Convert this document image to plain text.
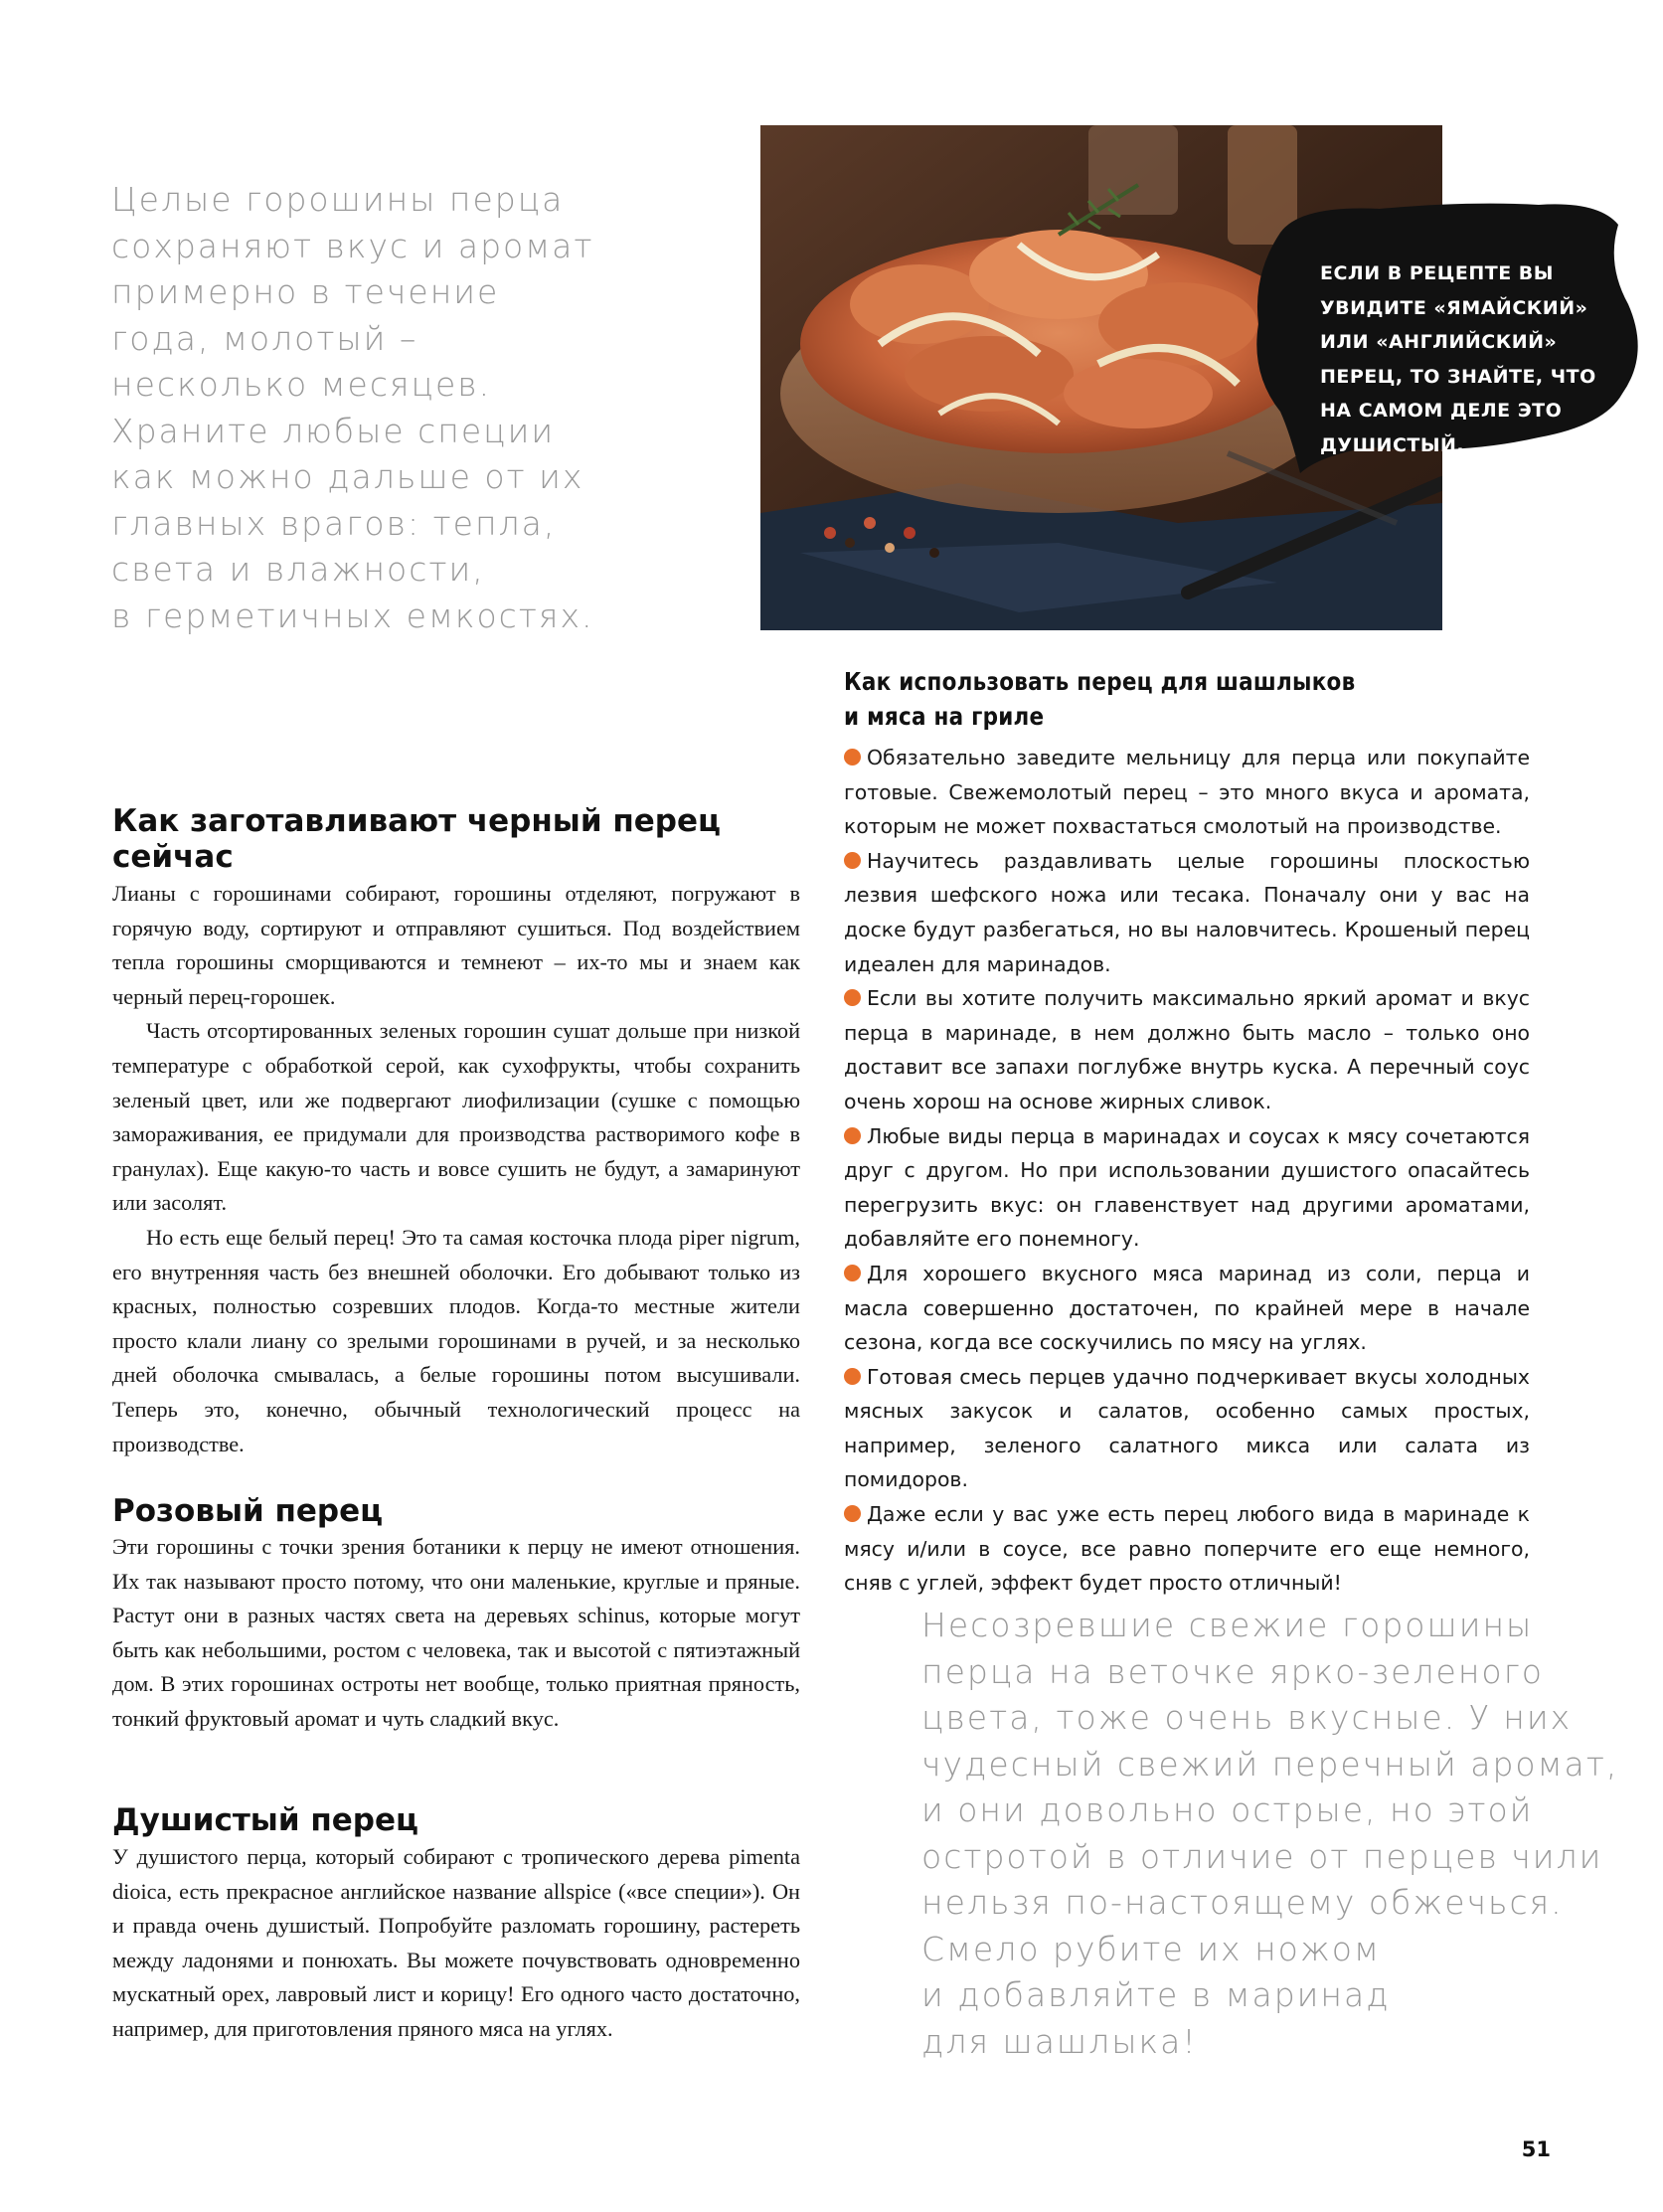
Целые горошины перца
сохраняют вкус и аромат
примерно в течение
года, молотый –
несколько месяцев.
Храните любые специи
как можно дальше от их
главных врагов: тепла,
света и влажности,
в герметичных емкостях.

ЕСЛИ В РЕЦЕПТЕ ВЫ
УВИДИТЕ «ЯМАЙСКИЙ»
ИЛИ «АНГЛИЙСКИЙ»
ПЕРЕЦ, ТО ЗНАЙТЕ, ЧТО
НА САМОМ ДЕЛЕ ЭТО
ДУШИСТЫЙ.

Как заготавливают черный перец сейчас
Лианы с горошинами собирают, горошины отделяют, погружают в горячую воду, сортируют и отправляют сушиться. Под воздействием тепла горошины сморщиваются и темнеют – их-то мы и знаем как черный перец-горошек.
Часть отсортированных зеленых горошин сушат дольше при низкой температуре с обработкой серой, как сухофрукты, чтобы сохранить зеленый цвет, или же подвергают лиофилизации (сушке с помощью замораживания, ее придумали для производства растворимого кофе в гранулах). Еще какую-то часть и вовсе сушить не будут, а замаринуют или засолят.
Но есть еще белый перец! Это та самая косточка плода piper nigrum, его внутренняя часть без внешней оболочки. Его добывают только из красных, полностью созревших плодов. Когда-то местные жители просто клали лиану со зрелыми горошинами в ручей, и за несколько дней оболочка смывалась, а белые горошины потом высушивали. Теперь это, конечно, обычный технологический процесс на производстве.
Розовый перец
Эти горошины с точки зрения ботаники к перцу не имеют отношения. Их так называют просто потому, что они маленькие, круглые и пряные. Растут они в разных частях света на деревьях schinus, которые могут быть как небольшими, ростом с человека, так и высотой с пятиэтажный дом. В этих горошинах остроты нет вообще, только приятная пряность, тонкий фруктовый аромат и чуть сладкий вкус.
Душистый перец
У душистого перца, который собирают с тропического дерева pimenta dioica, есть прекрасное английское название allspice («все специи»). Он и правда очень душистый. Попробуйте разломать горошину, растереть между ладонями и понюхать. Вы можете почувствовать одновременно мускатный орех, лавровый лист и корицу! Его одного часто достаточно, например, для приготовления пряного мяса на углях.
Как использовать перец для шашлыков
и мяса на гриле
Обязательно заведите мельницу для перца или покупайте готовые. Свежемолотый перец – это много вкуса и аромата, которым не может похвастаться смолотый на производстве.
Научитесь раздавливать целые горошины плоскостью лезвия шефского ножа или тесака. Поначалу они у вас на доске будут разбегаться, но вы наловчитесь. Крошеный перец идеален для маринадов.
Если вы хотите получить максимально яркий аромат и вкус перца в маринаде, в нем должно быть масло – только оно доставит все запахи поглубже внутрь куска. А перечный соус очень хорош на основе жирных сливок.
Любые виды перца в маринадах и соусах к мясу сочетаются друг с другом. Но при использовании душистого опасайтесь перегрузить вкус: он главенствует над другими ароматами, добавляйте его понемногу.
Для хорошего вкусного мяса маринад из соли, перца и масла совершенно достаточен, по крайней мере в начале сезона, когда все соскучились по мясу на углях.
Готовая смесь перцев удачно подчеркивает вкусы холодных мясных закусок и салатов, особенно самых простых, например, зеленого салатного микса или салата из помидоров.
Даже если у вас уже есть перец любого вида в маринаде к мясу и/или в соусе, все равно поперчите его еще немного, сняв с углей, эффект будет просто отличный!

Несозревшие свежие горошины
перца на веточке ярко-зеленого
цвета, тоже очень вкусные. У них
чудесный свежий перечный аромат,
и они довольно острые, но этой
остротой в отличие от перцев чили
нельзя по-настоящему обжечься.
Смело рубите их ножом
и добавляйте в маринад
для шашлыка!

51
